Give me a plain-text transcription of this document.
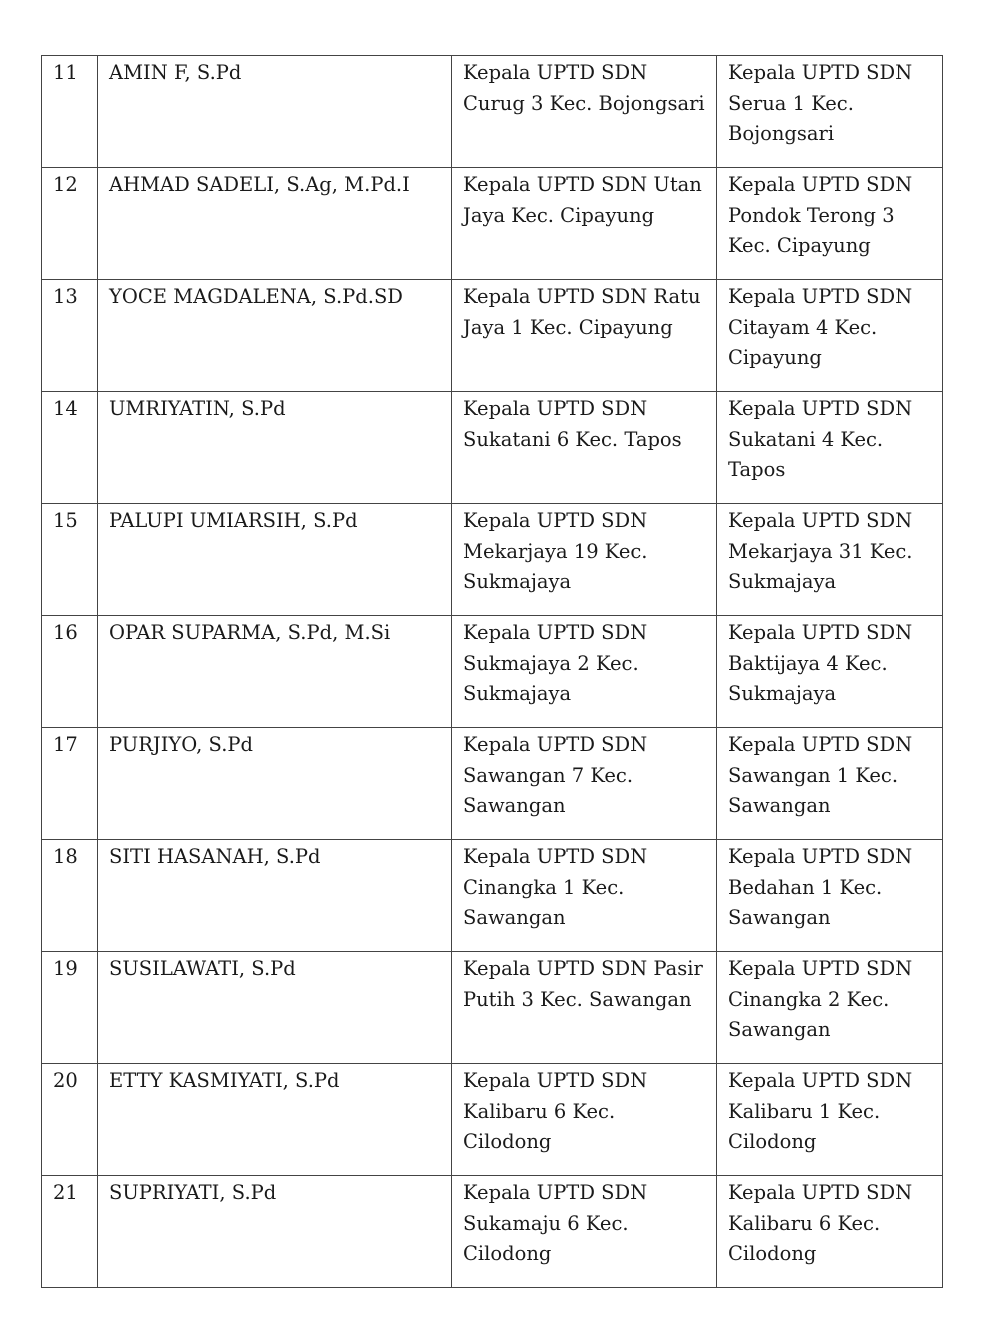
11	AMIN F, S.Pd	Kepala UPTD SDN Curug 3 Kec. Bojongsari	Kepala UPTD SDN Serua 1 Kec. Bojongsari
12	AHMAD SADELI, S.Ag, M.Pd.I	Kepala UPTD SDN Utan Jaya Kec. Cipayung	Kepala UPTD SDN Pondok Terong 3 Kec. Cipayung
13	YOCE MAGDALENA, S.Pd.SD	Kepala UPTD SDN Ratu Jaya 1 Kec. Cipayung	Kepala UPTD SDN Citayam 4 Kec. Cipayung
14	UMRIYATIN, S.Pd	Kepala UPTD SDN Sukatani 6 Kec. Tapos	Kepala UPTD SDN Sukatani 4 Kec. Tapos
15	PALUPI UMIARSIH, S.Pd	Kepala UPTD SDN Mekarjaya 19 Kec. Sukmajaya	Kepala UPTD SDN Mekarjaya 31 Kec. Sukmajaya
16	OPAR SUPARMA, S.Pd, M.Si	Kepala UPTD SDN Sukmajaya 2 Kec. Sukmajaya	Kepala UPTD SDN Baktijaya 4 Kec. Sukmajaya
17	PURJIYO, S.Pd	Kepala UPTD SDN Sawangan 7 Kec. Sawangan	Kepala UPTD SDN Sawangan 1 Kec. Sawangan
18	SITI HASANAH, S.Pd	Kepala UPTD SDN Cinangka 1 Kec. Sawangan	Kepala UPTD SDN Bedahan 1 Kec. Sawangan
19	SUSILAWATI, S.Pd	Kepala UPTD SDN Pasir Putih 3 Kec. Sawangan	Kepala UPTD SDN Cinangka 2 Kec. Sawangan
20	ETTY KASMIYATI, S.Pd	Kepala UPTD SDN Kalibaru 6 Kec. Cilodong	Kepala UPTD SDN Kalibaru 1 Kec. Cilodong
21	SUPRIYATI, S.Pd	Kepala UPTD SDN Sukamaju 6 Kec. Cilodong	Kepala UPTD SDN Kalibaru 6 Kec. Cilodong
